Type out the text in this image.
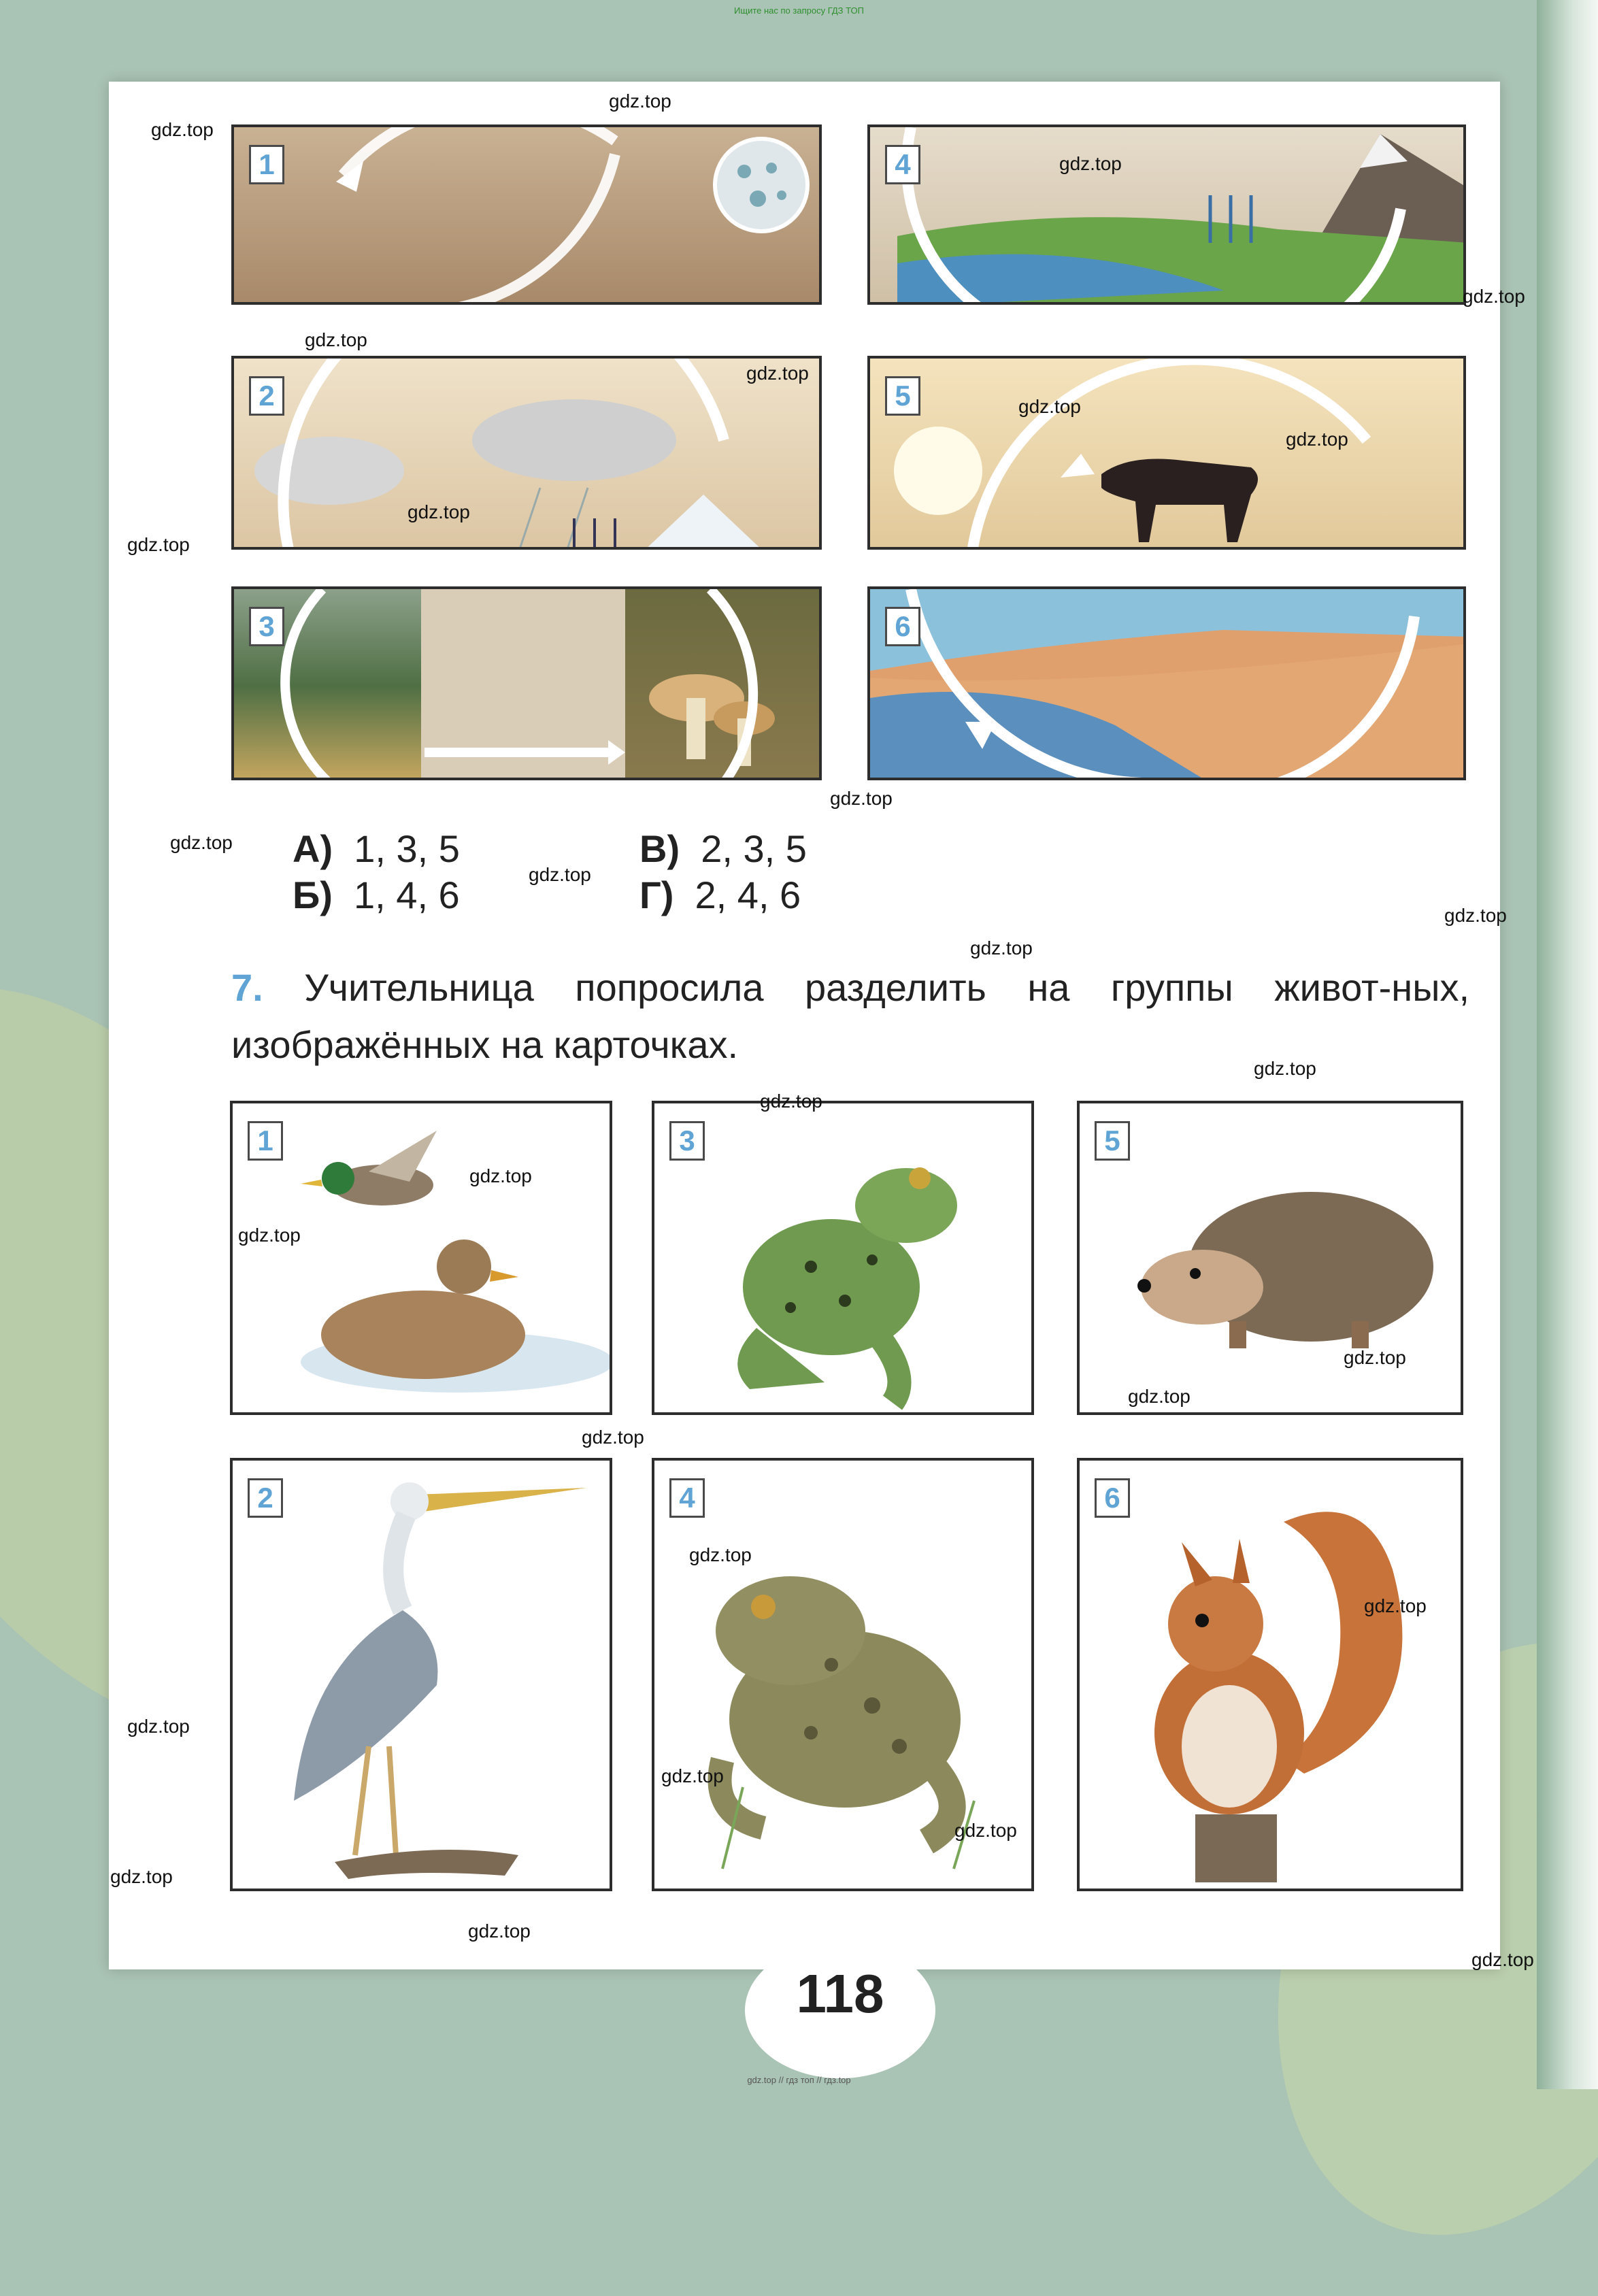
Ищите нас по запросу ГДЗ ТОП
1
2
3
4
5
6
А) 1, 3, 5
Б) 1, 4, 6
В) 2, 3, 5
Г) 2, 4, 6
7. Учительница попросила разделить на группы живот-ных, изображённых на карточках.
1	3	5
2	4	6
118
gdz.top
gdz.top
gdz.top
gdz.top
gdz.top
gdz.top
gdz.top
gdz.top
gdz.top
gdz.top
gdz.top
gdz.top
gdz.top
gdz.top
gdz.top
gdz.top
gdz.top
gdz.top
gdz.top
gdz.top
gdz.top
gdz.top
gdz.top
gdz.top
gdz.top
gdz.top
gdz.top
gdz.top
gdz.top
gdz.top
gdz.top // гдз топ // гдз.top
